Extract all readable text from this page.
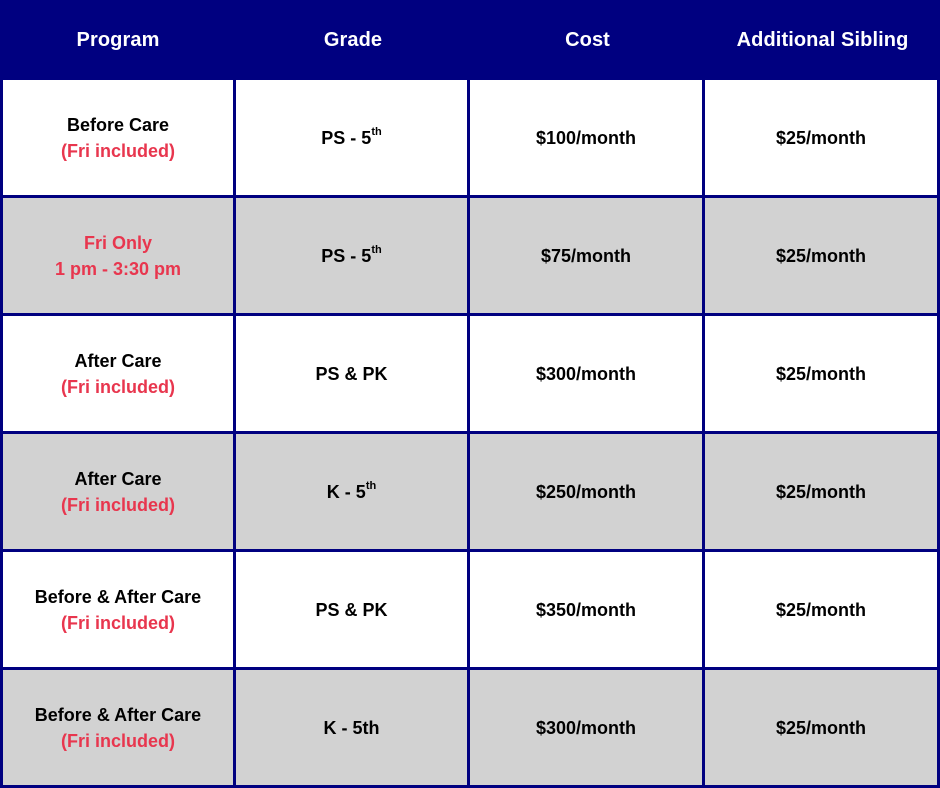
Program	Grade	Cost	Additional Sibling
Before Care
(Fri included)
PS - 5th	$100/month	$25/month
Fri Only
1 pm - 3:30 pm
PS - 5th	$75/month	$25/month
After Care
(Fri included)
PS & PK	$300/month	$25/month
After Care
(Fri included)
K - 5th	$250/month	$25/month
Before & After Care
(Fri included)
PS & PK	$350/month	$25/month
Before & After Care
(Fri included)
K - 5th	$300/month	$25/month
